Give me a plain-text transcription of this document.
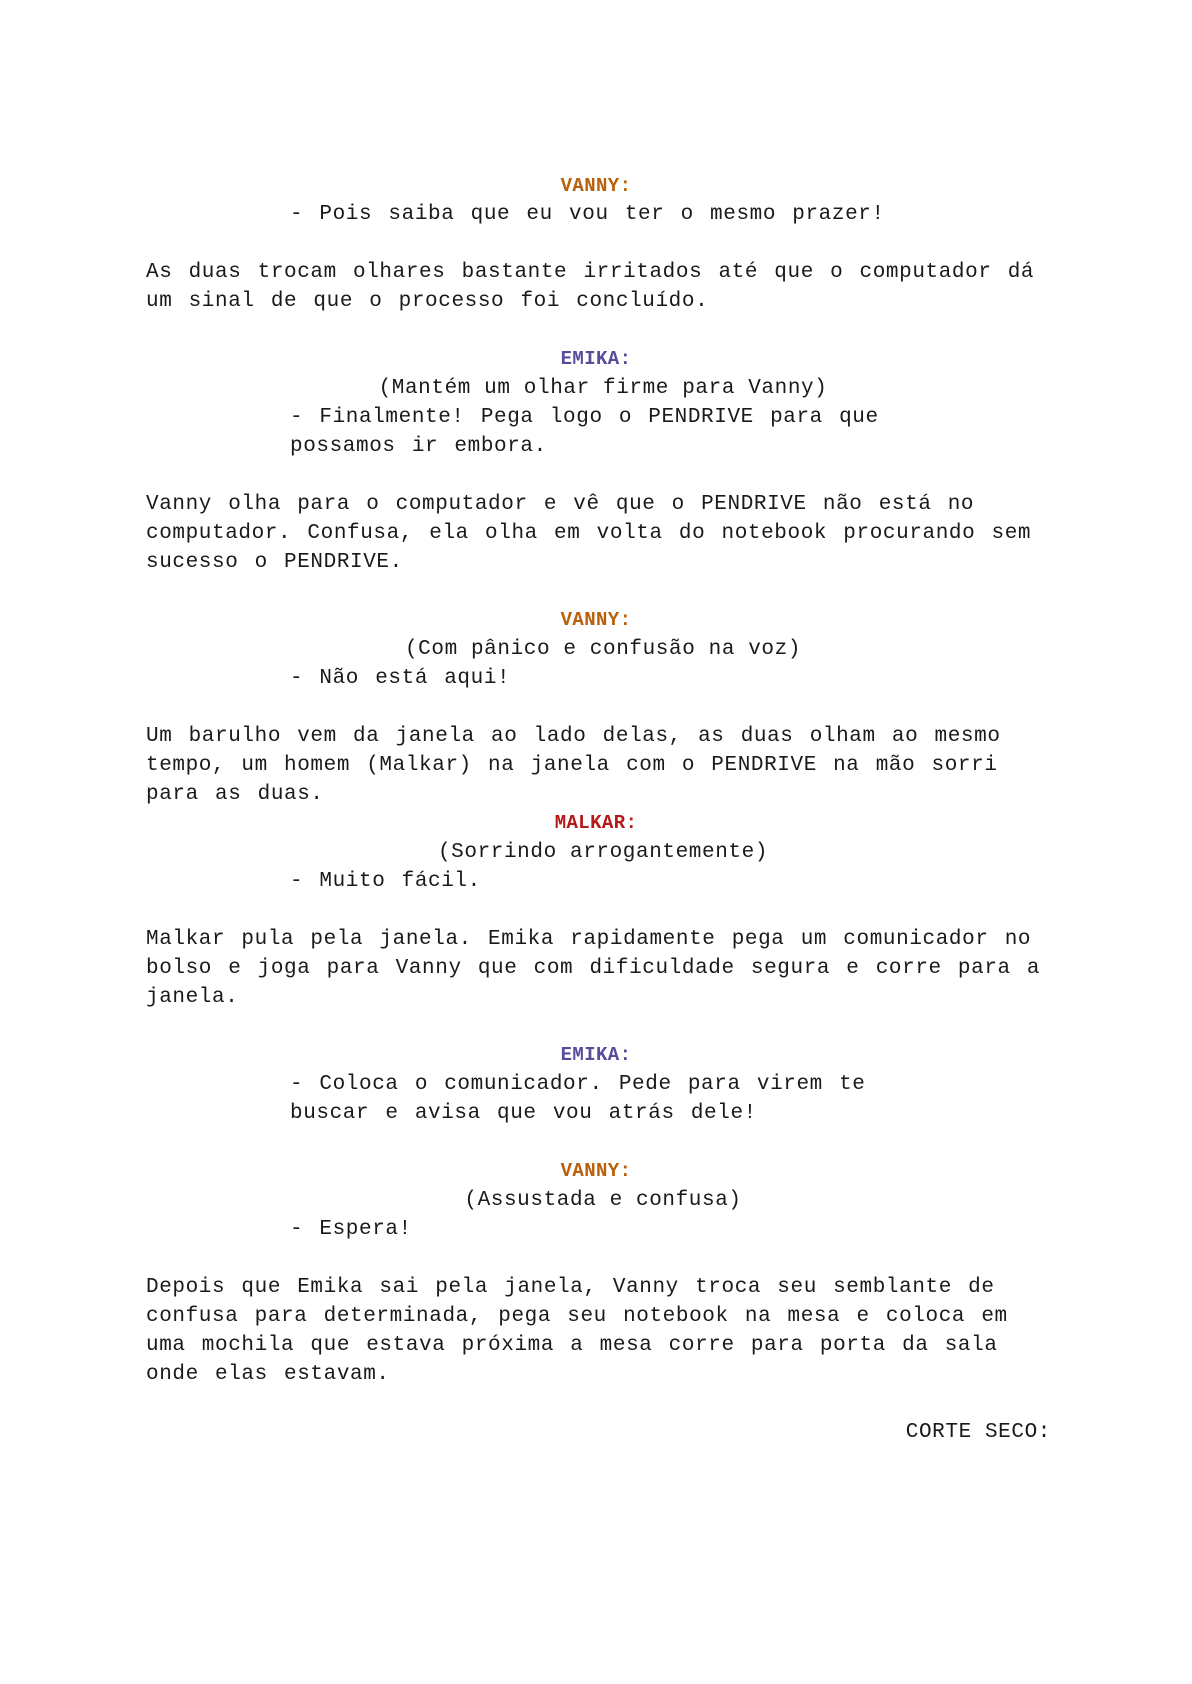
VANNY:
- Pois saiba que eu vou ter o mesmo prazer!
As duas trocam olhares bastante irritados até que o computador dá
um sinal de que o processo foi concluído.
EMIKA:
(Mantém um olhar firme para Vanny)
- Finalmente! Pega logo o PENDRIVE para que
possamos ir embora.
Vanny olha para o computador e vê que o PENDRIVE não está no
computador. Confusa, ela olha em volta do notebook procurando sem
sucesso o PENDRIVE.
VANNY:
(Com pânico e confusão na voz)
- Não está aqui!
Um barulho vem da janela ao lado delas, as duas olham ao mesmo
tempo, um homem (Malkar) na janela com o PENDRIVE na mão sorri
para as duas.
MALKAR:
(Sorrindo arrogantemente)
- Muito fácil.
Malkar pula pela janela. Emika rapidamente pega um comunicador no
bolso e joga para Vanny que com dificuldade segura e corre para a
janela.
EMIKA:
- Coloca o comunicador. Pede para virem te
buscar e avisa que vou atrás dele!
VANNY:
(Assustada e confusa)
- Espera!
Depois que Emika sai pela janela, Vanny troca seu semblante de
confusa para determinada, pega seu notebook na mesa e coloca em
uma mochila que estava próxima a mesa corre para porta da sala
onde elas estavam.
CORTE SECO:
